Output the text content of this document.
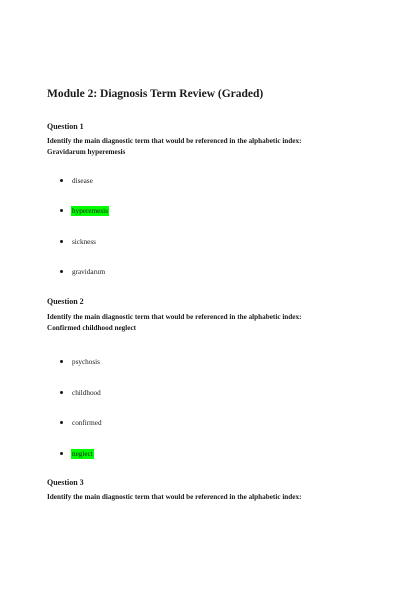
Module 2: Diagnosis Term Review (Graded)
Question 1
Identify the main diagnostic term that would be referenced in the alphabetic index:
Gravidarum hyperemesis
disease
hyperemesis
sickness
gravidarum
Question 2
Identify the main diagnostic term that would be referenced in the alphabetic index:
Confirmed childhood neglect
psychosis
childhood
confirmed
neglect
Question 3
Identify the main diagnostic term that would be referenced in the alphabetic index:
